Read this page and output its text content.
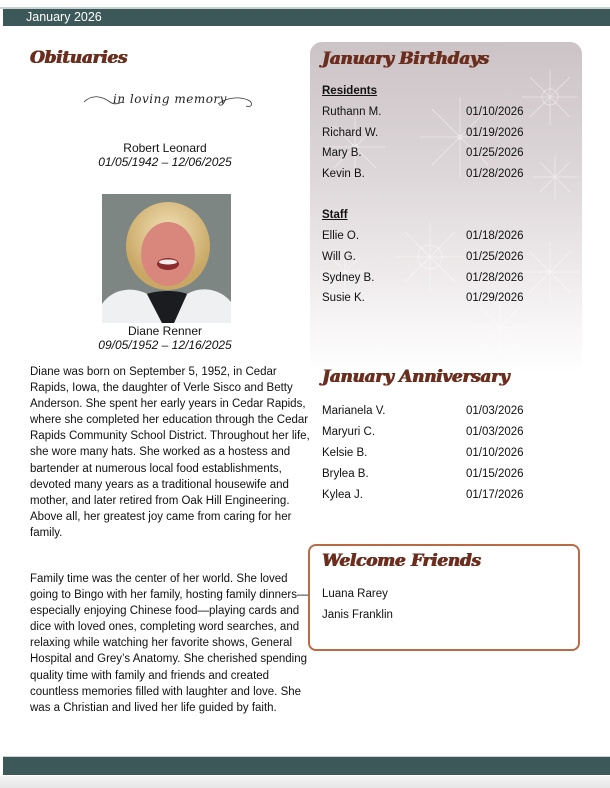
January 2026
Obituaries
in loving memory
Robert Leonard
01/05/1942 – 12/06/2025
Diane Renner
09/05/1952 – 12/16/2025
Diane was born on September 5, 1952, in Cedar Rapids, Iowa, the daughter of Verle Sisco and Betty Anderson. She spent her early years in Cedar Rapids, where she completed her education through the Cedar Rapids Community School District. Throughout her life, she wore many hats. She worked as a hostess and bartender at numerous local food establishments, devoted many years as a traditional housewife and mother, and later retired from Oak Hill Engineering. Above all, her greatest joy came from caring for her family.
Family time was the center of her world. She loved going to Bingo with her family, hosting family dinners—especially enjoying Chinese food—playing cards and dice with loved ones, completing word searches, and relaxing while watching her favorite shows, General Hospital and Grey’s Anatomy. She cherished spending quality time with family and friends and created countless memories filled with laughter and love. She was a Christian and lived her life guided by faith.
January Birthdays
Residents
Ruthann M.	01/10/2026
Richard W.	01/19/2026
Mary B.	01/25/2026
Kevin B.	01/28/2026
Staff
Ellie O.	01/18/2026
Will G.	01/25/2026
Sydney B.	01/28/2026
Susie K.	01/29/2026
January Anniversary
Marianela V.	01/03/2026
Maryuri C.	01/03/2026
Kelsie B.	01/10/2026
Brylea B.	01/15/2026
Kylea J.	01/17/2026
Welcome Friends
Luana Rarey
Janis Franklin
